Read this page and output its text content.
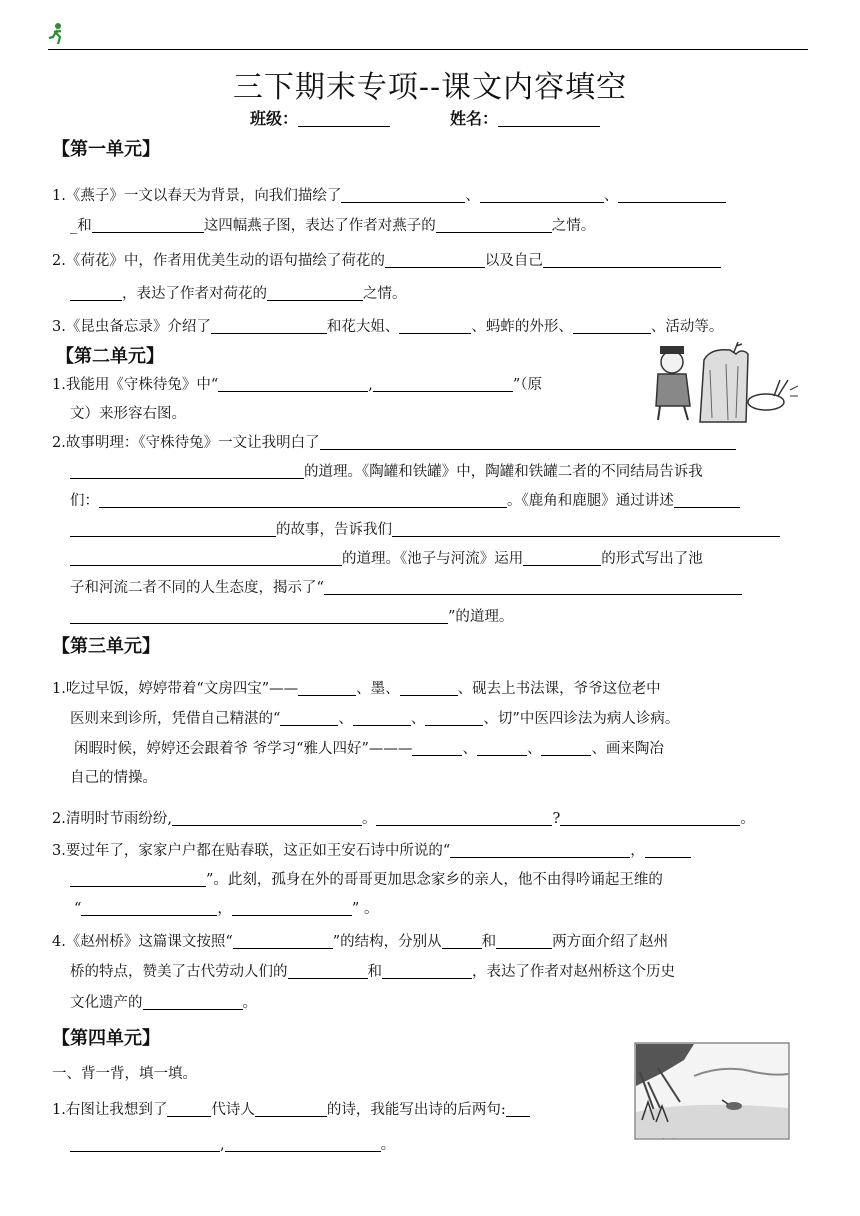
三下期末专项--课文内容填空
班级：	姓名：
【第一单元】
1.《燕子》一文以春天为背景，向我们描绘了	、	、
_和	这四幅燕子图，表达了作者对燕子的	之情。
2.《荷花》中，作者用优美生动的语句描绘了荷花的	以及自己
，表达了作者对荷花的	之情。
3.《昆虫备忘录》介绍了	和花大姐、	、蚂蚱的外形、	、活动等。
【第二单元】
1.我能用《守株待兔》中“	,	”（原
文）来形容右图。
2.故事明理：《守株待兔》一文让我明白了
的道理。《陶罐和铁罐》中，陶罐和铁罐二者的不同结局告诉我
们：	。《鹿角和鹿腿》通过讲述
的故事，告诉我们
的道理。《池子与河流》运用	的形式写出了池
子和河流二者不同的人生态度，揭示了“
”的道理。
【第三单元】
1.吃过早饭，婷婷带着“文房四宝”——	、墨、	、砚去上书法课，爷爷这位老中
医则来到诊所，凭借自己精湛的“	、	、	、切”中医四诊法为病人诊病。
闲暇时候，婷婷还会跟着爷 爷学习“雅人四好”———	、	、	、画来陶冶
自己的情操。
2.清明时节雨纷纷,	。	?	。
3.要过年了，家家户户都在贴春联，这正如王安石诗中所说的“	，
”。此刻，孤身在外的哥哥更加思念家乡的亲人，他不由得吟诵起王维的
“	，	” 。
4.《赵州桥》这篇课文按照“	”的结构，分别从	和	两方面介绍了赵州
桥的特点，赞美了古代劳动人们的	和	，表达了作者对赵州桥这个历史
文化遗产的	。
【第四单元】
一、背一背，填一填。
1.右图让我想到了	代诗人	的诗，我能写出诗的后两句:
,	。
